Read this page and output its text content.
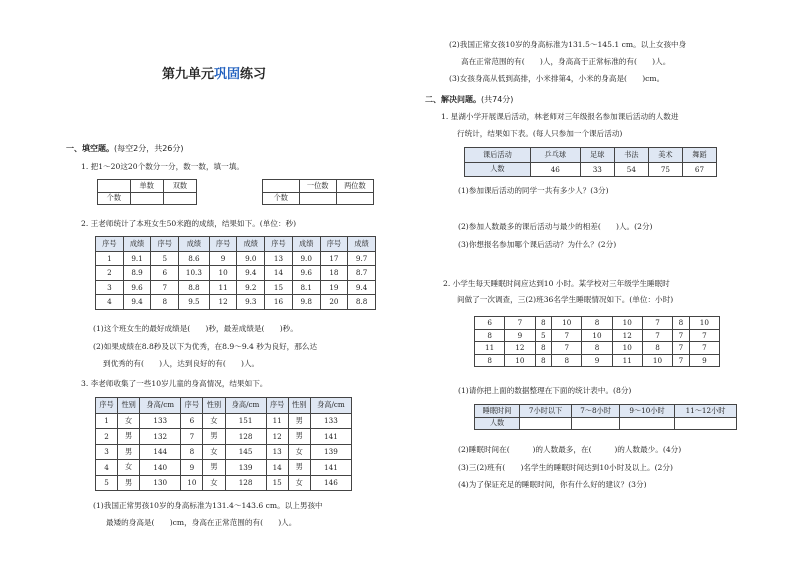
第九单元巩固练习
一、填空题。(每空2分，共26分)
1. 把1～20这20个数分一分，数一数，填一填。
	单数	双数
个数		
	一位数	两位数
个数		
2. 王老师统计了本班女生50米跑的成绩，结果如下。(单位：秒)
序号	成绩	序号	成绩	序号	成绩	序号	成绩	序号	成绩
1	9.1	5	8.6	9	9.0	13	9.0	17	9.7
2	8.9	6	10.3	10	9.4	14	9.6	18	8.7
3	9.6	7	8.8	11	9.2	15	8.1	19	9.4
4	9.4	8	9.5	12	9.3	16	9.8	20	8.8
(1)这个班女生的最好成绩是(　　)秒，最差成绩是(　　)秒。
(2)如果成绩在8.8秒及以下为优秀，在8.9～9.4 秒为良好，那么达
到优秀的有(　　)人，达到良好的有(　　)人。
3. 李老师收集了一些10岁儿童的身高情况，结果如下。
序号	性别	身高/cm	序号	性别	身高/cm	序号	性别	身高/cm
1	女	133	6	女	151	11	男	133
2	男	132	7	男	128	12	男	141
3	男	144	8	女	145	13	女	139
4	女	140	9	男	139	14	男	141
5	男	130	10	女	128	15	女	146
(1)我国正常男孩10岁的身高标准为131.4～143.6 cm。以上男孩中
最矮的身高是(　　)cm，身高在正常范围的有(　　)人。
(2)我国正常女孩10岁的身高标准为131.5～145.1 cm。以上女孩中身
高在正常范围的有(　　)人，身高高于正常标准的有(　　)人。
(3)女孩身高从低到高排，小米排第4，小米的身高是(　　)cm。
二、解决问题。(共74分)
1. 星湖小学开展课后活动，林老师对三年级报名参加课后活动的人数进
行统计，结果如下表。(每人只参加一个课后活动)
课后活动	乒乓球	足球	书法	美术	舞蹈
人数	46	33	54	75	67
(1)参加课后活动的同学一共有多少人？(3分)
(2)参加人数最多的课后活动与最少的相差(　　)人。(2分)
(3)你想报名参加哪个课后活动？为什么？(2分)
2. 小学生每天睡眠时间应达到10 小时。某学校对三年级学生睡眠时
间做了一次调查，三(2)班36名学生睡眠情况如下。(单位：小时)
6	7	8	10	8	10	7	8	10
8	9	5	7	10	12	7	7	7
11	12	8	7	8	10	8	7	7
8	10	8	8	9	11	10	7	9
(1)请你把上面的数据整理在下面的统计表中。(8分)
睡眠时间	7小时以下	7～8小时	9～10小时	11～12小时
人数				
(2)睡眠时间在(　　　)的人数最多，在(　　　)的人数最少。(4分)
(3)三(2)班有(　　)名学生的睡眠时间达到10小时及以上。(2分)
(4)为了保证充足的睡眠时间，你有什么好的建议？(3分)
